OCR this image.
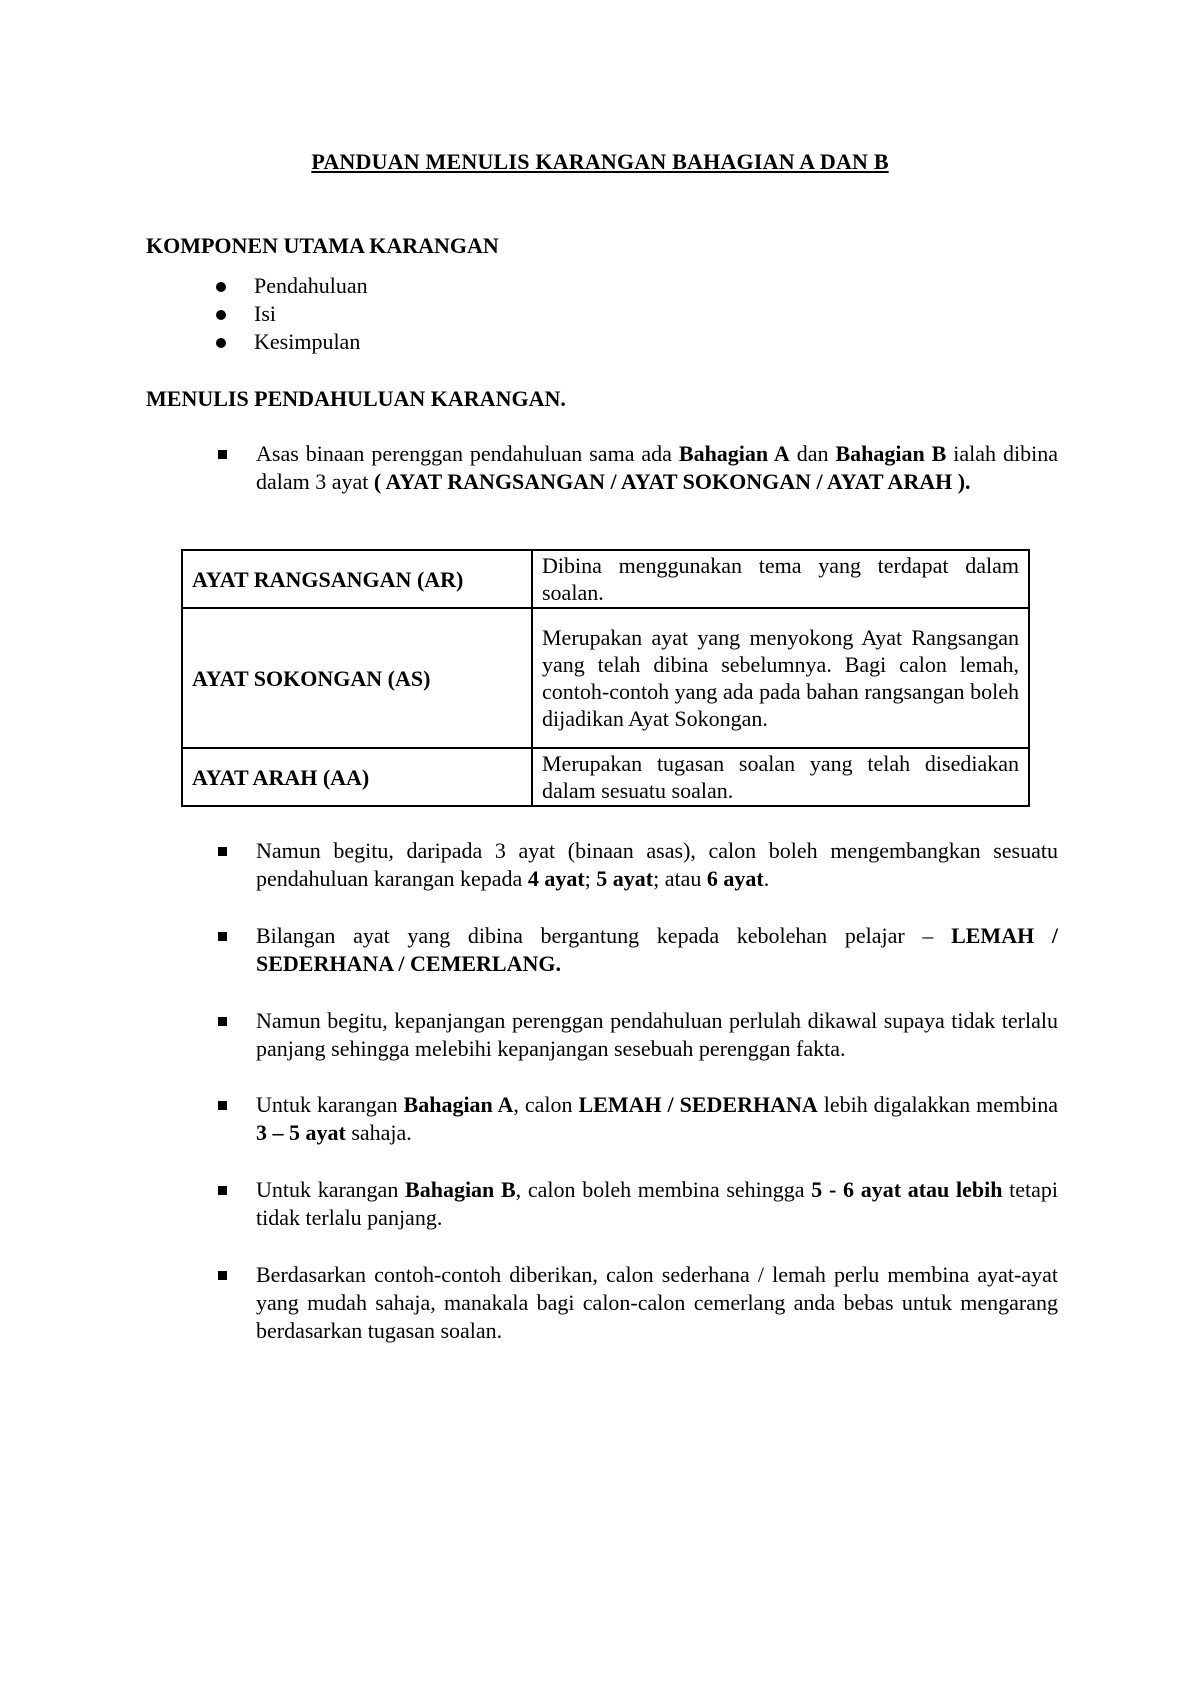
PANDUAN MENULIS KARANGAN BAHAGIAN A DAN B
KOMPONEN UTAMA KARANGAN
Pendahuluan
Isi
Kesimpulan
MENULIS PENDAHULUAN KARANGAN.
Asas binaan perenggan pendahuluan sama ada Bahagian A dan Bahagian B ialah dibina dalam 3 ayat ( AYAT RANGSANGAN / AYAT SOKONGAN / AYAT ARAH ).
AYAT RANGSANGAN (AR)	Dibina menggunakan tema yang terdapat dalam soalan.
AYAT SOKONGAN (AS)	Merupakan ayat yang menyokong Ayat Rangsangan yang telah dibina sebelumnya. Bagi calon lemah, contoh-contoh yang ada pada bahan rangsangan boleh dijadikan Ayat Sokongan.
AYAT ARAH (AA)	Merupakan tugasan soalan yang telah disediakan dalam sesuatu soalan.
Namun begitu, daripada 3 ayat (binaan asas), calon boleh mengembangkan sesuatu pendahuluan karangan kepada 4 ayat; 5 ayat; atau 6 ayat.
Bilangan ayat yang dibina bergantung kepada kebolehan pelajar – LEMAH / SEDERHANA / CEMERLANG.
Namun begitu, kepanjangan perenggan pendahuluan perlulah dikawal supaya tidak terlalu panjang sehingga melebihi kepanjangan sesebuah perenggan fakta.
Untuk karangan Bahagian A, calon LEMAH / SEDERHANA lebih digalakkan membina 3 – 5 ayat sahaja.
Untuk karangan Bahagian B, calon boleh membina sehingga 5 - 6 ayat atau lebih tetapi tidak terlalu panjang.
Berdasarkan contoh-contoh diberikan, calon sederhana / lemah perlu membina ayat-ayat yang mudah sahaja, manakala bagi calon-calon cemerlang anda bebas untuk mengarang berdasarkan tugasan soalan.
